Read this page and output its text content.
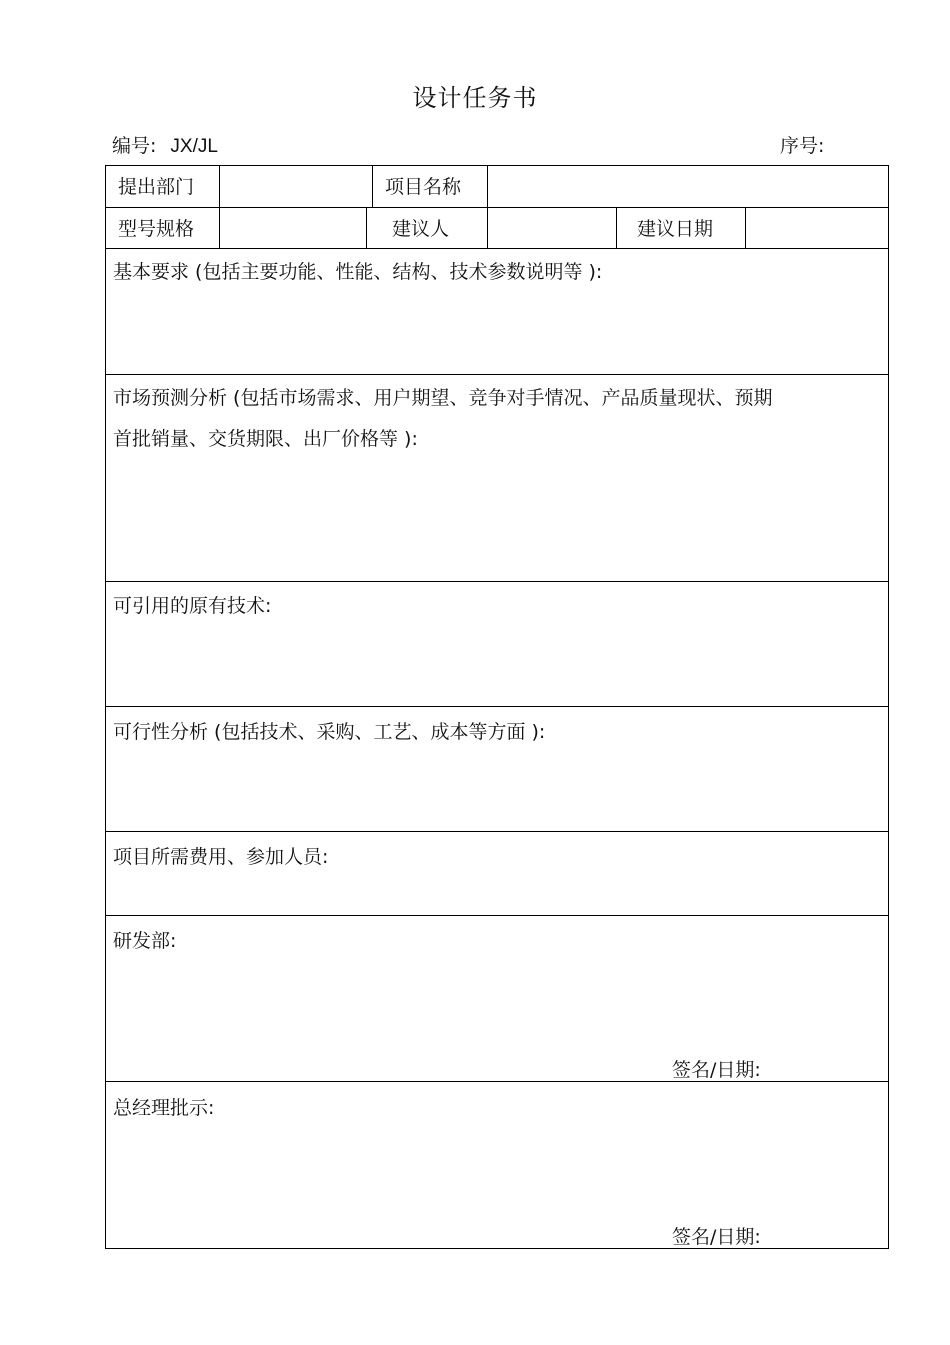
设计任务书
编号: JX/JL	序号:
提出部门	项目名称
型号规格	建议人	建议日期
基本要求 (包括主要功能、性能、结构、技术参数说明等 ):
市场预测分析 (包括市场需求、用户期望、竞争对手情况、产品质量现状、预期
首批销量、交货期限、出厂价格等 ):
可引用的原有技术:
可行性分析 (包括技术、采购、工艺、成本等方面 ):
项目所需费用、参加人员:
研发部:
签名/日期:
总经理批示:
签名/日期:
